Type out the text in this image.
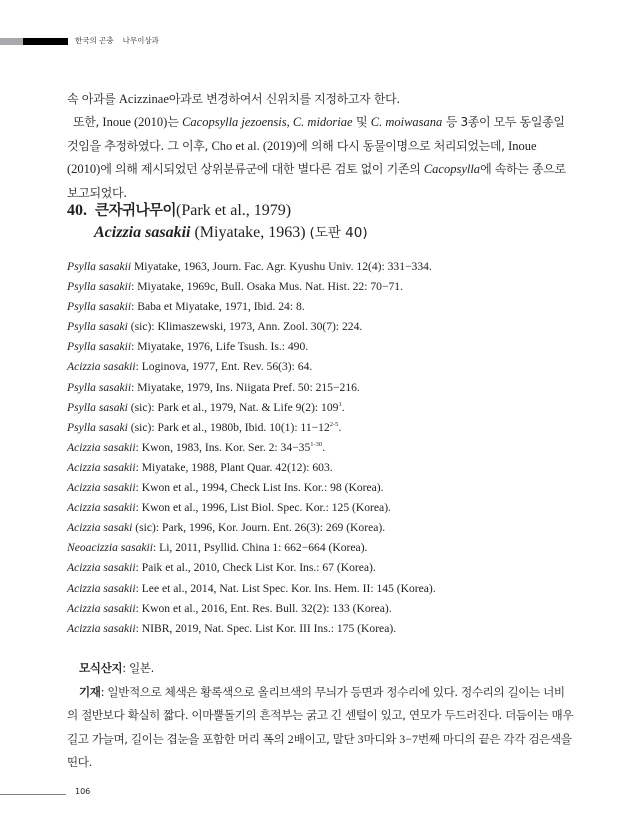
한국의 곤충 나무이상과
속 아과를 Acizzinae아과로 변경하여서 신위치를 지정하고자 한다.
또한, Inoue (2010)는 Cacopsylla jezoensis, C. midoriae 및 C. moiwasana 등 3종이 모두 동일종일 것임을 추정하였다. 그 이후, Cho et al. (2019)에 의해 다시 동물이명으로 처리되었는데, Inoue (2010)에 의해 제시되었던 상위분류군에 대한 별다른 검토 없이 기존의 Cacopsylla에 속하는 종으로 보고되었다.
40. 큰자귀나무이(Park et al., 1979)
Acizzia sasakii (Miyatake, 1963) (도판 40)
Psylla sasakii Miyatake, 1963, Journ. Fac. Agr. Kyushu Univ. 12(4): 331−334.
Psylla sasakii: Miyatake, 1969c, Bull. Osaka Mus. Nat. Hist. 22: 70−71.
Psylla sasakii: Baba et Miyatake, 1971, Ibid. 24: 8.
Psylla sasaki (sic): Klimaszewski, 1973, Ann. Zool. 30(7): 224.
Psylla sasakii: Miyatake, 1976, Life Tsush. Is.: 490.
Acizzia sasakii: Loginova, 1977, Ent. Rev. 56(3): 64.
Psylla sasakii: Miyatake, 1979, Ins. Niigata Pref. 50: 215−216.
Psylla sasaki (sic): Park et al., 1979, Nat. & Life 9(2): $109^1$.
Psylla sasaki (sic): Park et al., 1980b, Ibid. 10(1): $11-12^{2-5}$.
Acizzia sasakii: Kwon, 1983, Ins. Kor. Ser. 2: $34-35^{1-30}$.
Acizzia sasakii: Miyatake, 1988, Plant Quar. 42(12): 603.
Acizzia sasakii: Kwon et al., 1994, Check List Ins. Kor.: 98 (Korea).
Acizzia sasakii: Kwon et al., 1996, List Biol. Spec. Kor.: 125 (Korea).
Acizzia sasaki (sic): Park, 1996, Kor. Journ. Ent. 26(3): 269 (Korea).
Neoacizzia sasakii: Li, 2011, Psyllid. China 1: 662−664 (Korea).
Acizzia sasakii: Paik et al., 2010, Check List Kor. Ins.: 67 (Korea).
Acizzia sasakii: Lee et al., 2014, Nat. List Spec. Kor. Ins. Hem. II: 145 (Korea).
Acizzia sasakii: Kwon et al., 2016, Ent. Res. Bull. 32(2): 133 (Korea).
Acizzia sasakii: NIBR, 2019, Nat. Spec. List Kor. III Ins.: 175 (Korea).
모식산지: 일본.
기재: 일반적으로 체색은 황록색으로 올리브색의 무늬가 등면과 정수리에 있다. 정수리의 길이는 너비의 절반보다 확실히 짧다. 이마뿔돌기의 흔적부는 굵고 긴 센털이 있고, 연모가 두드러진다. 더듬이는 매우 길고 가늘며, 길이는 겹눈을 포함한 머리 폭의 2배이고, 말단 3마디와 3−7번째 마디의 끝은 각각 검은색을 띤다.
106
